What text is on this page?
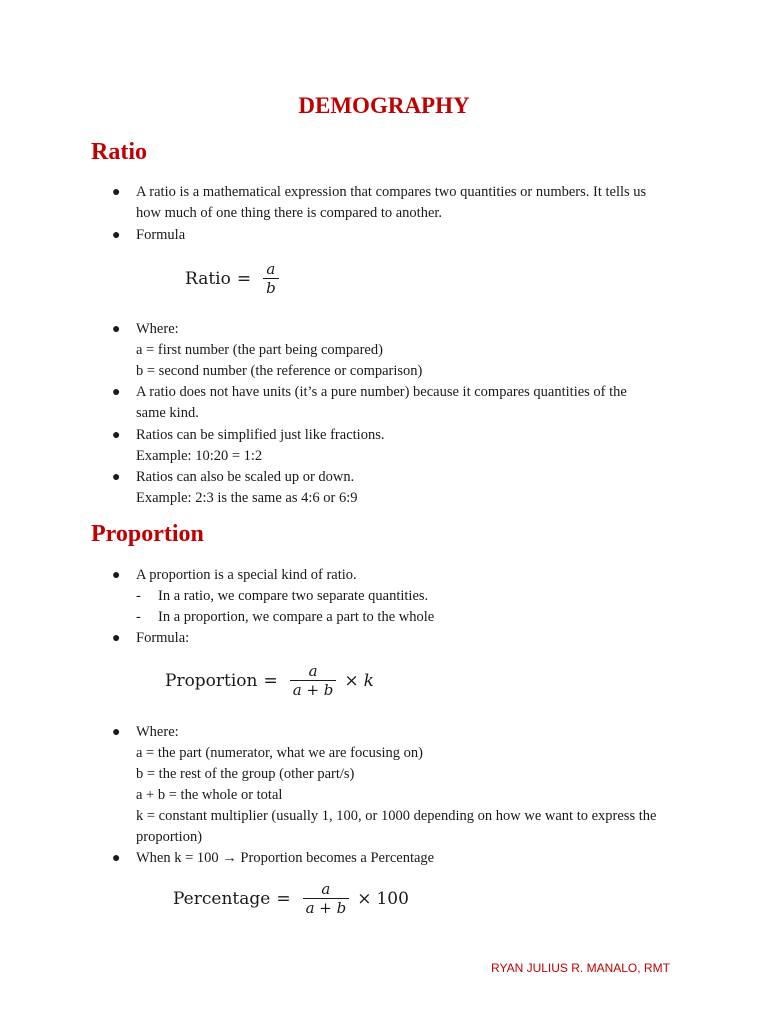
DEMOGRAPHY
Ratio
● A ratio is a mathematical expression that compares two quantities or numbers. It tells us

how much of one thing there is compared to another.

● Formula

Ratio = $\frac{a}{b}$
● Where:

a = first number (the part being compared)

b = second number (the reference or comparison)

● A ratio does not have units (it’s a pure number) because it compares quantities of the

same kind.

● Ratios can be simplified just like fractions.

Example: 10:20 = 1:2

● Ratios can also be scaled up or down.

Example: 2:3 is the same as 4:6 or 6:9

Proportion
● A proportion is a special kind of ratio.

- In a ratio, we compare two separate quantities.

- In a proportion, we compare a part to the whole

● Formula:

Proportion = $\frac{a}{a + b} \times k$
● Where:

a = the part (numerator, what we are focusing on)

b = the rest of the group (other part/s)

a + b = the whole or total

k = constant multiplier (usually 1, 100, or 1000 depending on how we want to express the

proportion)

● When k = 100 → Proportion becomes a Percentage

Percentage = $\frac{a}{a + b} \times 100$

RYAN JULIUS R. MANALO, RMT
